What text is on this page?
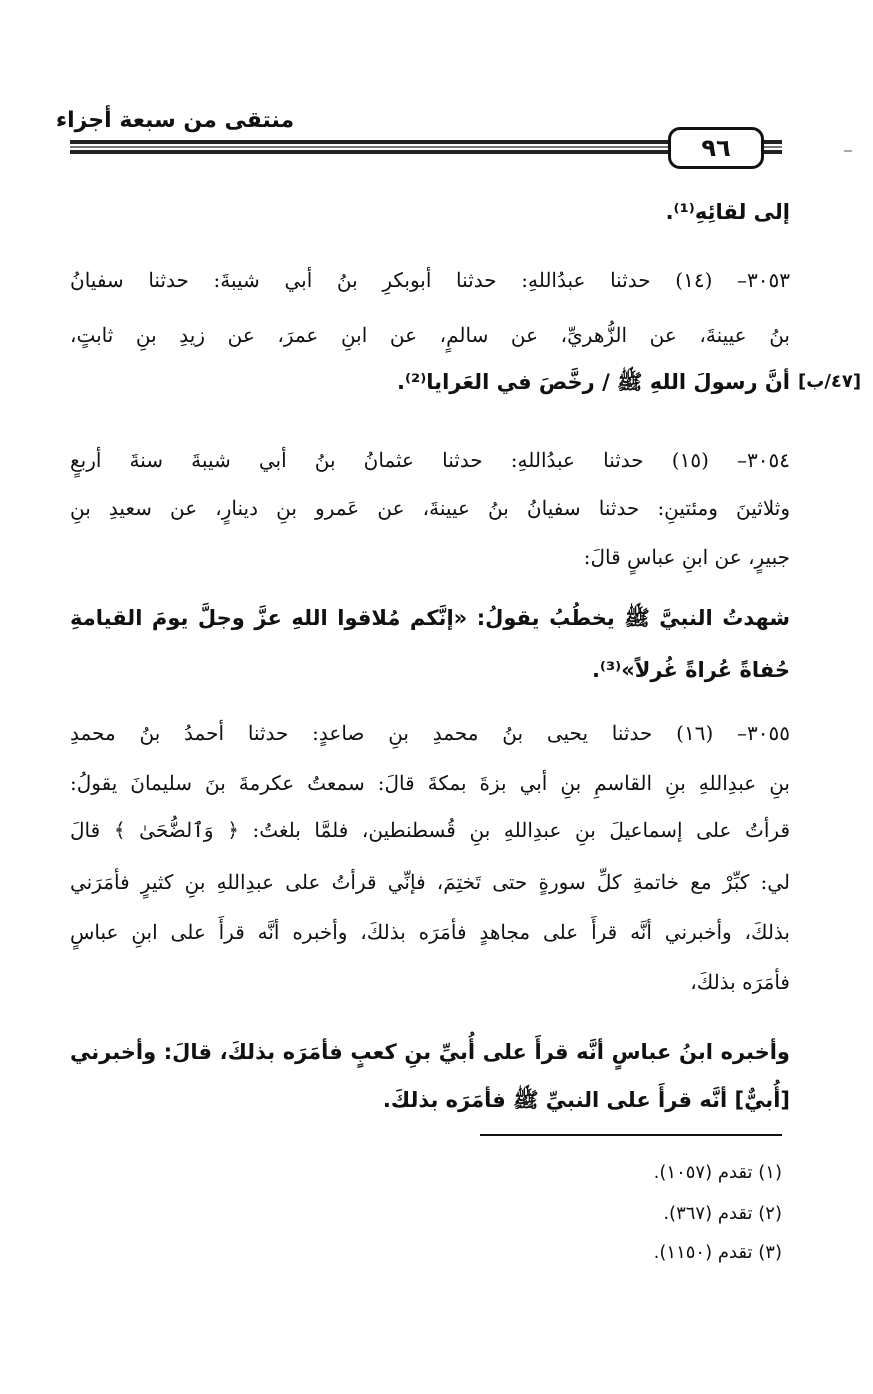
منتقى من سبعة أجزاء
٩٦
[٤٧/ب]
إلى لقائِهِ⁽¹⁾.
٣٠٥٣– (١٤) حدثنا عبدُاللهِ: حدثنا أبوبكرِ بنُ أبي شيبةَ: حدثنا سفيانُ
بنُ عيينةَ، عن الزُّهريِّ، عن سالمٍ، عن ابنِ عمرَ، عن زيدِ بنِ ثابتٍ،
أنَّ رسولَ اللهِ ﷺ / رخَّصَ في العَرايا⁽²⁾.
٣٠٥٤– (١٥) حدثنا عبدُاللهِ: حدثنا عثمانُ بنُ أبي شيبةَ سنةَ أربعٍ
وثلاثينَ ومئتينِ: حدثنا سفيانُ بنُ عيينةَ، عن عَمرو بنِ دينارٍ، عن سعيدِ بنِ
جبيرٍ، عن ابنِ عباسٍ قالَ:
شهدتُ النبيَّ ﷺ يخطُبُ يقولُ: «إنَّكم مُلاقوا اللهِ عزَّ وجلَّ يومَ القيامةِ
حُفاةً عُراةً غُرلاً»⁽³⁾.
٣٠٥٥– (١٦) حدثنا يحيى بنُ محمدِ بنِ صاعدٍ: حدثنا أحمدُ بنُ محمدِ
بنِ عبدِاللهِ بنِ القاسمِ بنِ أبي بزةَ بمكةَ قالَ: سمعتُ عكرمةَ بنَ سليمانَ يقولُ:
قرأتُ على إسماعيلَ بنِ عبدِاللهِ بنِ قُسطنطين، فلمَّا بلغتُ: ﴿ وَٱلضُّحَىٰ ﴾ قالَ
لي: كبِّرْ مع خاتمةِ كلِّ سورةٍ حتى تَختِمَ، فإنِّي قرأتُ على عبدِاللهِ بنِ كثيرٍ فأمَرَني
بذلكَ، وأخبرني أنَّه قرأَ على مجاهدٍ فأمَرَه بذلكَ، وأخبره أنَّه قرأَ على ابنِ عباسٍ
فأمَرَه بذلكَ،
وأخبره ابنُ عباسٍ أنَّه قرأَ على أُبيِّ بنِ كعبٍ فأمَرَه بذلكَ، قالَ: وأخبرني
[أُبيٌّ] أنَّه قرأَ على النبيِّ ﷺ فأمَرَه بذلكَ.
(١) تقدم (١٠٥٧).
(٢) تقدم (٣٦٧).
(٣) تقدم (١١٥٠).
